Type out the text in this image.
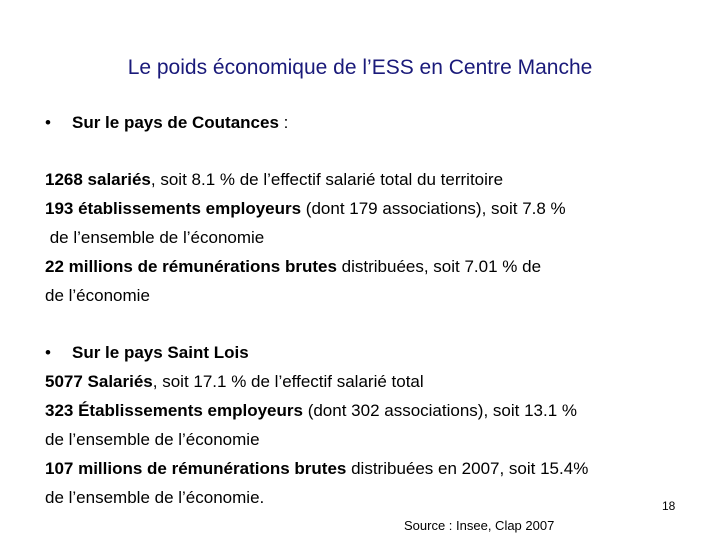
Le poids économique de l’ESS en Centre Manche
• Sur le pays de Coutances :
1268 salariés, soit 8.1 % de l’effectif salarié total du territoire
193 établissements employeurs (dont 179 associations), soit 7.8 %
de l’ensemble de l’économie
22 millions de rémunérations brutes distribuées, soit 7.01 % de
de l’économie
• Sur le pays Saint Lois
5077 Salariés, soit 17.1 % de l’effectif salarié total
323 Établissements employeurs (dont 302 associations), soit 13.1 %
de l’ensemble de l’économie
107 millions de rémunérations brutes distribuées en 2007, soit 15.4%
de l’ensemble de l’économie.	18
Source : Insee, Clap 2007
